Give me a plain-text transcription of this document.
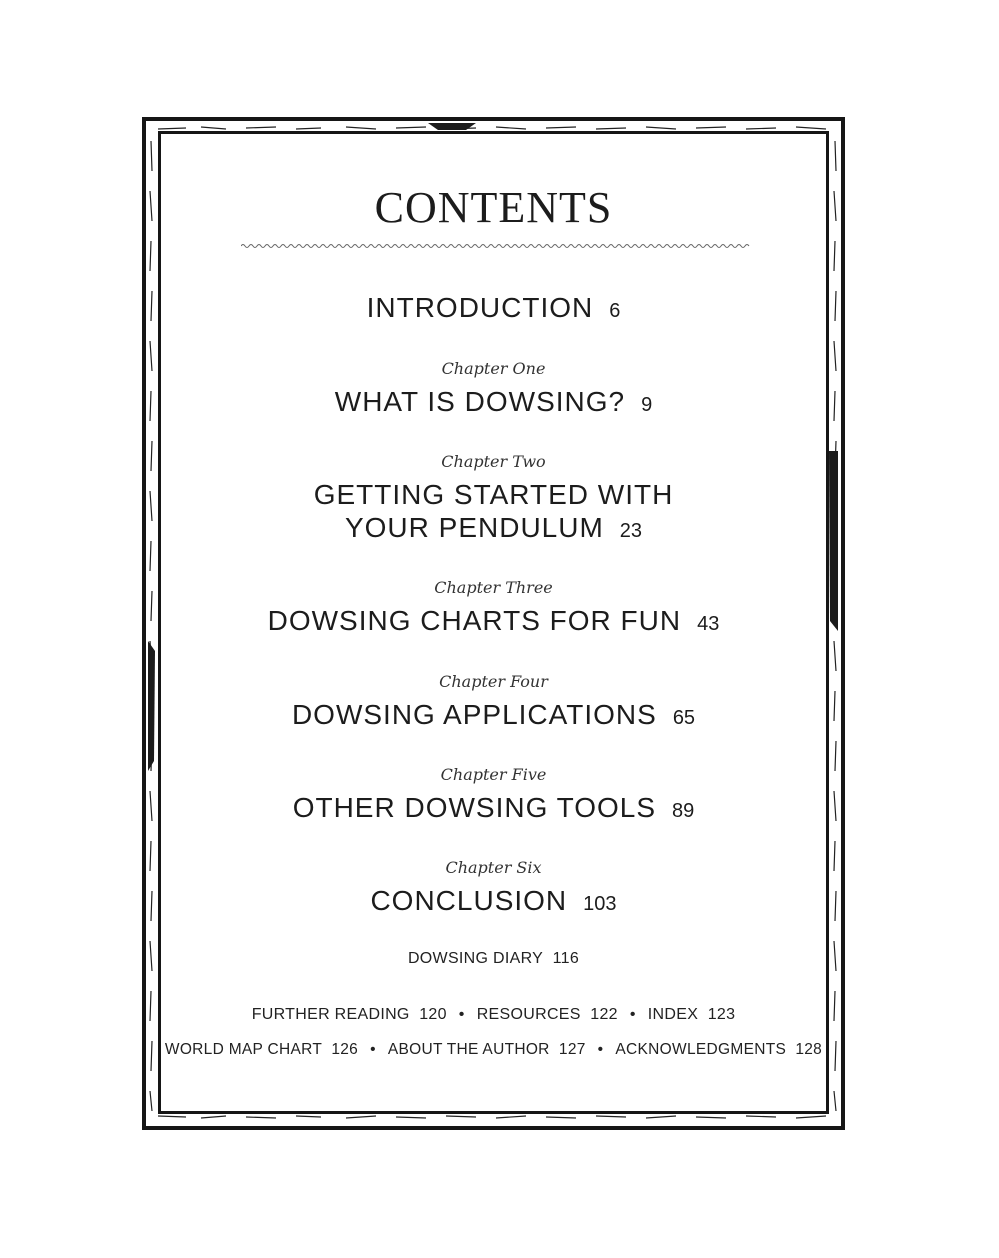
CONTENTS
INTRODUCTION 6
Chapter One
WHAT IS DOWSING? 9
Chapter Two
GETTING STARTED WITH
YOUR PENDULUM 23
Chapter Three
DOWSING CHARTS FOR FUN 43
Chapter Four
DOWSING APPLICATIONS 65
Chapter Five
OTHER DOWSING TOOLS 89
Chapter Six
CONCLUSION 103
DOWSING DIARY 116
FURTHER READING 120 • RESOURCES 122 • INDEX 123
WORLD MAP CHART 126 • ABOUT THE AUTHOR 127 • ACKNOWLEDGMENTS 128
